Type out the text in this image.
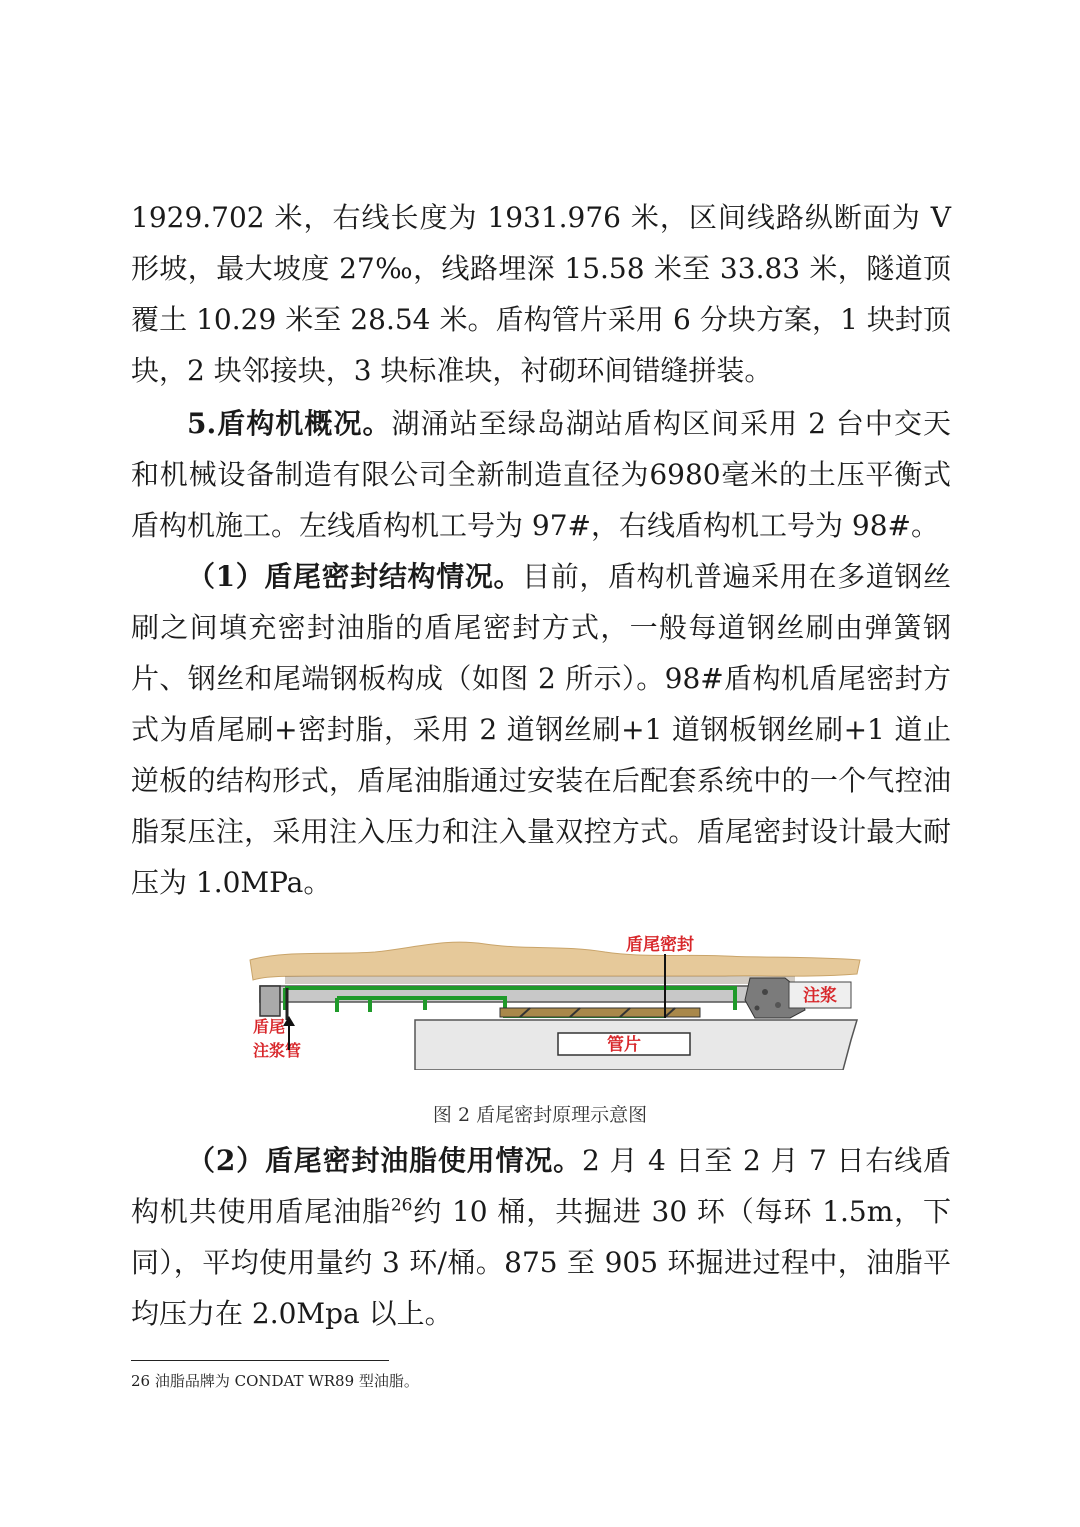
1929.702 米，右线长度为 1931.976 米，区间线路纵断面为 V 形坡，最大坡度 27‰，线路埋深 15.58 米至 33.83 米，隧道顶覆土 10.29 米至 28.54 米。盾构管片采用 6 分块方案，1 块封顶块，2 块邻接块，3 块标准块，衬砌环间错缝拼装。

5.盾构机概况。湖涌站至绿岛湖站盾构区间采用 2 台中交天和机械设备制造有限公司全新制造直径为6980毫米的土压平衡式盾构机施工。左线盾构机工号为 97#，右线盾构机工号为 98#。

（1）盾尾密封结构情况。目前，盾构机普遍采用在多道钢丝刷之间填充密封油脂的盾尾密封方式，一般每道钢丝刷由弹簧钢片、钢丝和尾端钢板构成（如图 2 所示）。98#盾构机盾尾密封方式为盾尾刷+密封脂，采用 2 道钢丝刷+1 道钢板钢丝刷+1 道止逆板的结构形式，盾尾油脂通过安装在后配套系统中的一个气控油脂泵压注，采用注入压力和注入量双控方式。盾尾密封设计最大耐压为 1.0MPa。

注浆
管片
盾尾密封
盾尾
注浆管
图 2 盾尾密封原理示意图

（2）盾尾密封油脂使用情况。2 月 4 日至 2 月 7 日右线盾构机共使用盾尾油脂$^{26}$约 10 桶，共掘进 30 环（每环 1.5m，下同），平均使用量约 3 环/桶。875 至 905 环掘进过程中，油脂平均压力在 2.0Mpa 以上。

26 油脂品牌为 CONDAT WR89 型油脂。
